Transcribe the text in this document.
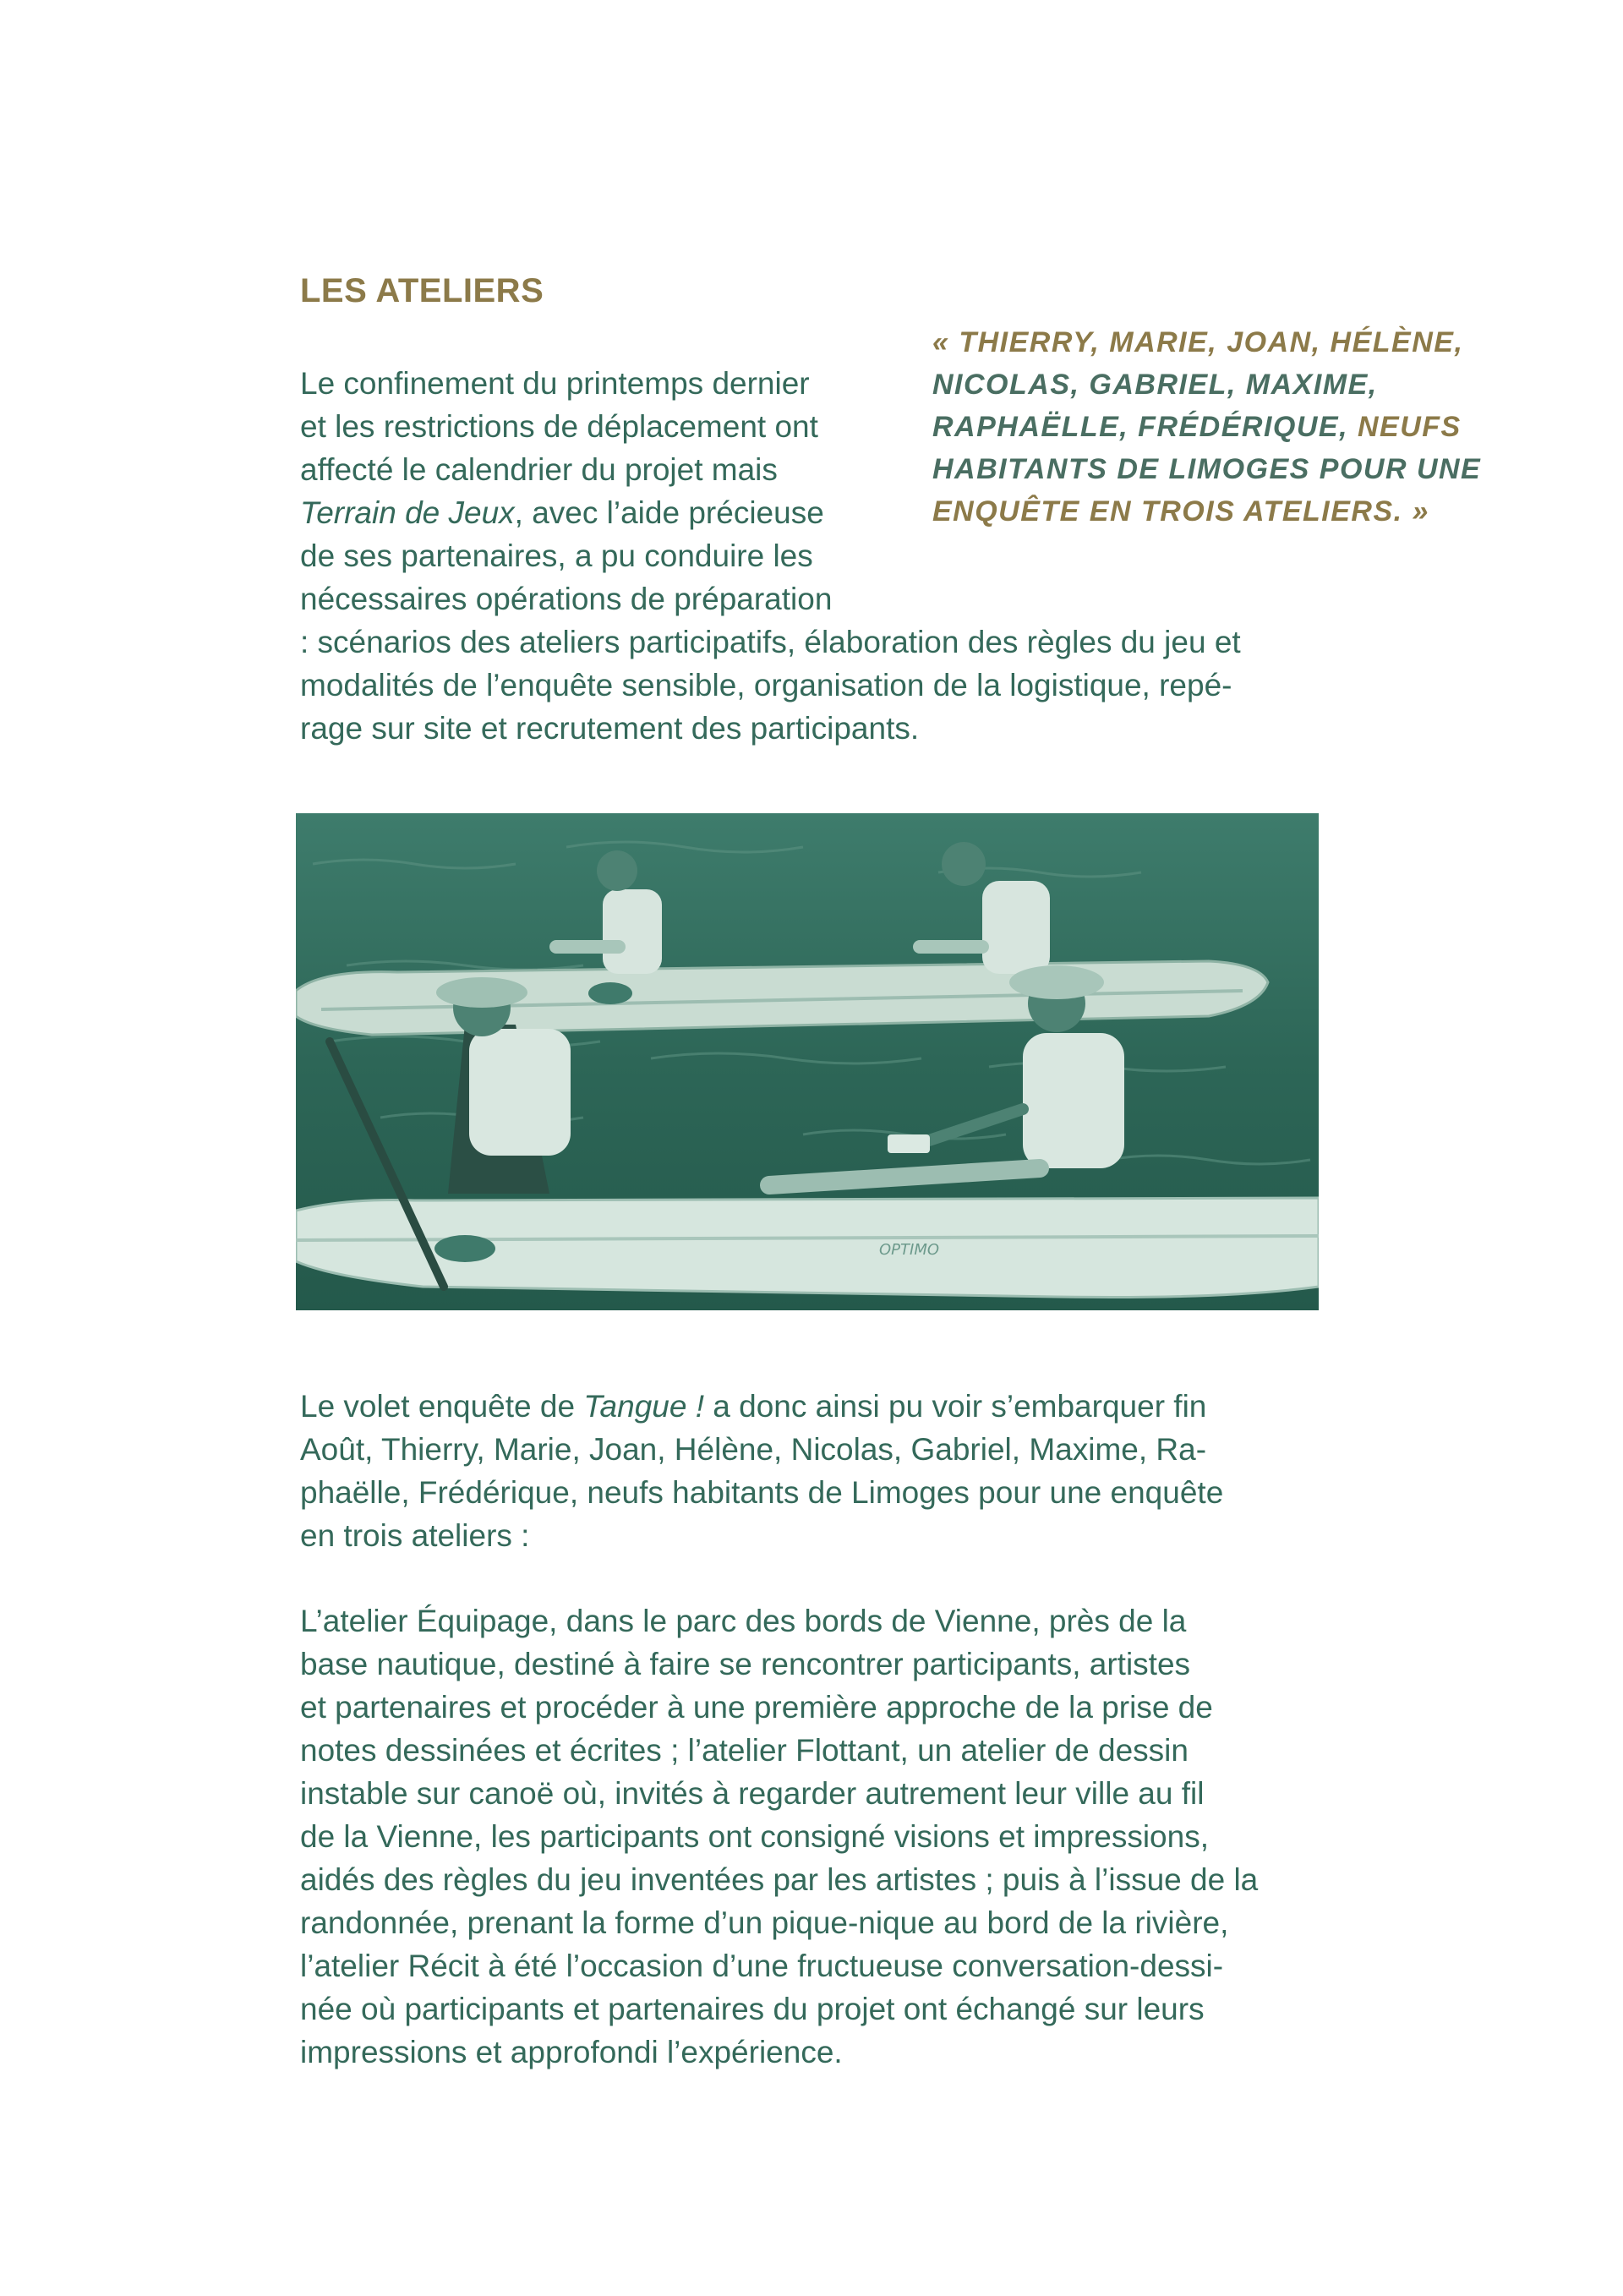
LES ATELIERS

« THIERRY, MARIE, JOAN, HÉLÈNE,
NICOLAS, GABRIEL, MAXIME,
RAPHAËLLE, FRÉDÉRIQUE, NEUFS
HABITANTS DE LIMOGES POUR UNE
ENQUÊTE EN TROIS ATELIERS. »

Le confinement du printemps dernier
et les restrictions de déplacement ont
affecté le calendrier du projet mais
Terrain de Jeux, avec l’aide précieuse
de ses partenaires, a pu conduire les
nécessaires opérations de préparation
: scénarios des ateliers participatifs, élaboration des règles du jeu et
modalités de l’enquête sensible, organisation de la logistique, repé-
rage sur site et recrutement des participants.
OPTIMO
Le volet enquête de Tangue ! a donc ainsi pu voir s’embarquer fin
Août, Thierry, Marie, Joan, Hélène, Nicolas, Gabriel, Maxime, Ra-
phaëlle, Frédérique, neufs habitants de Limoges pour une enquête
en trois ateliers :
L’atelier Équipage, dans le parc des bords de Vienne, près de la
base nautique, destiné à faire se rencontrer participants, artistes
et partenaires et procéder à une première approche de la prise de
notes dessinées et écrites ; l’atelier Flottant, un atelier de dessin
instable sur canoë où, invités à regarder autrement leur ville au fil
de la Vienne, les participants ont consigné visions et impressions,
aidés des règles du jeu inventées par les artistes ; puis à l’issue de la
randonnée, prenant la forme d’un pique-nique au bord de la rivière,
l’atelier Récit à été l’occasion d’une fructueuse conversation-dessi-
née où participants et partenaires du projet ont échangé sur leurs
impressions et approfondi l’expérience.
